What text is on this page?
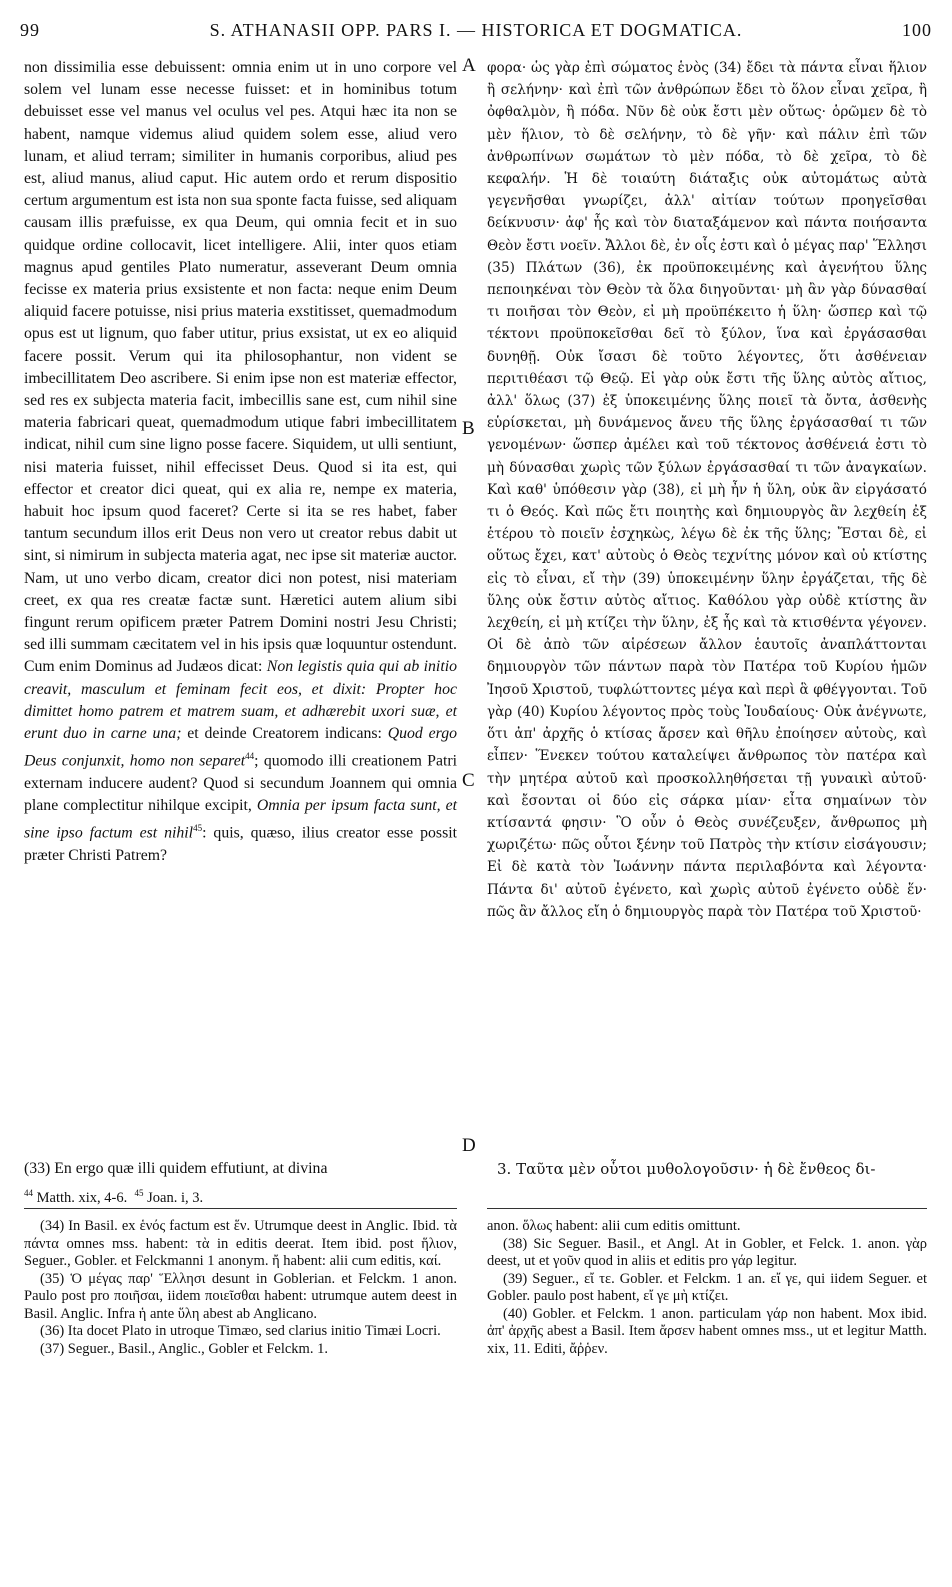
99	S. ATHANASII OPP. PARS I. — HISTORICA ET DOGMATICA.	100

non dissimilia esse debuissent: omnia enim ut in uno corpore vel solem vel lunam esse necesse fuisset: et in hominibus totum debuisset esse vel manus vel oculus vel pes. Atqui hæc ita non se habent, namque videmus aliud quidem solem esse, aliud vero lunam, et aliud terram; similiter in humanis corporibus, aliud pes est, aliud manus, aliud caput. Hic autem ordo et rerum dispositio certum argumentum est ista non sua sponte facta fuisse, sed aliquam causam illis præfuisse, ex qua Deum, qui omnia fecit et in suo quidque ordine collocavit, licet intelligere. Alii, inter quos etiam magnus apud gentiles Plato numeratur, asseverant Deum omnia fecisse ex materia prius exsistente et non facta: neque enim Deum aliquid facere potuisse, nisi prius materia exstitisset, quemadmodum opus est ut lignum, quo faber utitur, prius exsistat, ut ex eo aliquid facere possit. Verum qui ita philosophantur, non vident se imbecillitatem Deo ascribere. Si enim ipse non est materiæ effector, sed res ex subjecta materia facit, imbecillis sane est, cum nihil sine materia fabricari queat, quemadmodum utique fabri imbecillitatem indicat, nihil cum sine ligno posse facere. Siquidem, ut ulli sentiunt, nisi materia fuisset, nihil effecisset Deus. Quod si ita est, qui effector et creator dici queat, qui ex alia re, nempe ex materia, habuit hoc ipsum quod faceret? Certe si ita se res habet, faber tantum secundum illos erit Deus non vero ut creator rebus dabit ut sint, si nimirum in subjecta materia agat, nec ipse sit materiæ auctor. Nam, ut uno verbo dicam, creator dici non potest, nisi materiam creet, ex qua res creatæ factæ sunt. Hæretici autem alium sibi fingunt rerum opificem præter Patrem Domini nostri Jesu Christi; sed illi summam cæcitatem vel in his ipsis quæ loquuntur ostendunt. Cum enim Dominus ad Judæos dicat: Non legistis quia qui ab initio creavit, masculum et feminam fecit eos, et dixit: Propter hoc dimittet homo patrem et matrem suam, et adhærebit uxori suæ, et erunt duo in carne una; et deinde Creatorem indicans: Quod ergo Deus conjunxit, homo non separet$^{44}$; quomodo illi creationem Patri externam inducere audent? Quod si secundum Joannem qui omnia plane complectitur nihilque excipit, Omnia per ipsum facta sunt, et sine ipso factum est nihil$^{45}$: quis, quæso, ilius creator esse possit præter Christi Patrem?

A
B
C
D

φορα· ὡς γὰρ ἐπὶ σώματος ἑνὸς (34) ἔδει τὰ πάντα εἶναι ἥλιον ἢ σελήνην· καὶ ἐπὶ τῶν ἀνθρώπων ἔδει τὸ ὅλον εἶναι χεῖρα, ἢ ὀφθαλμὸν, ἢ πόδα. Νῦν δὲ οὐκ ἔστι μὲν οὕτως· ὁρῶμεν δὲ τὸ μὲν ἥλιον, τὸ δὲ σελήνην, τὸ δὲ γῆν· καὶ πάλιν ἐπὶ τῶν ἀνθρωπίνων σωμάτων τὸ μὲν πόδα, τὸ δὲ χεῖρα, τὸ δὲ κεφαλήν. Ἡ δὲ τοιαύτη διάταξις οὐκ αὐτομάτως αὐτὰ γεγενῆσθαι γνωρίζει, ἀλλ' αἰτίαν τούτων προηγεῖσθαι δείκνυσιν· ἀφ' ἧς καὶ τὸν διαταξάμενον καὶ πάντα ποιήσαντα Θεὸν ἔστι νοεῖν. Ἄλλοι δὲ, ἐν οἷς ἐστι καὶ ὁ μέγας παρ' Ἕλλησι (35) Πλάτων (36), ἐκ προϋποκειμένης καὶ ἀγενήτου ὕλης πεποιηκέναι τὸν Θεὸν τὰ ὅλα διηγοῦνται· μὴ ἂν γὰρ δύνασθαί τι ποιῆσαι τὸν Θεὸν, εἰ μὴ προϋπέκειτο ἡ ὕλη· ὥσπερ καὶ τῷ τέκτονι προϋποκεῖσθαι δεῖ τὸ ξύλον, ἵνα καὶ ἐργάσασθαι δυνηθῇ. Οὐκ ἴσασι δὲ τοῦτο λέγοντες, ὅτι ἀσθένειαν περιτιθέασι τῷ Θεῷ. Εἰ γὰρ οὐκ ἔστι τῆς ὕλης αὐτὸς αἴτιος, ἀλλ' ὅλως (37) ἐξ ὑποκειμένης ὕλης ποιεῖ τὰ ὄντα, ἀσθενὴς εὑρίσκεται, μὴ δυνάμενος ἄνευ τῆς ὕλης ἐργάσασθαί τι τῶν γενομένων· ὥσπερ ἀμέλει καὶ τοῦ τέκτονος ἀσθένειά ἐστι τὸ μὴ δύνασθαι χωρὶς τῶν ξύλων ἐργάσασθαί τι τῶν ἀναγκαίων. Καὶ καθ' ὑπόθεσιν γὰρ (38), εἰ μὴ ἦν ἡ ὕλη, οὐκ ἂν εἰργάσατό τι ὁ Θεός. Καὶ πῶς ἔτι ποιητὴς καὶ δημιουργὸς ἂν λεχθείη ἐξ ἑτέρου τὸ ποιεῖν ἐσχηκὼς, λέγω δὲ ἐκ τῆς ὕλης; Ἔσται δὲ, εἰ οὕτως ἔχει, κατ' αὐτοὺς ὁ Θεὸς τεχνίτης μόνον καὶ οὐ κτίστης εἰς τὸ εἶναι, εἴ τὴν (39) ὑποκειμένην ὕλην ἐργάζεται, τῆς δὲ ὕλης οὐκ ἔστιν αὐτὸς αἴτιος. Καθόλου γὰρ οὐδὲ κτίστης ἂν λεχθείη, εἰ μὴ κτίζει τὴν ὕλην, ἐξ ἧς καὶ τὰ κτισθέντα γέγονεν. Οἱ δὲ ἀπὸ τῶν αἱρέσεων ἄλλον ἑαυτοῖς ἀναπλάττονται δημιουργὸν τῶν πάντων παρὰ τὸν Πατέρα τοῦ Κυρίου ἡμῶν Ἰησοῦ Χριστοῦ, τυφλώττοντες μέγα καὶ περὶ ἃ φθέγγονται. Τοῦ γὰρ (40) Κυρίου λέγοντος πρὸς τοὺς Ἰουδαίους· Οὐκ ἀνέγνωτε, ὅτι ἀπ' ἀρχῆς ὁ κτίσας ἄρσεν καὶ θῆλυ ἐποίησεν αὐτοὺς, καὶ εἶπεν· Ἕνεκεν τούτου καταλείψει ἄνθρωπος τὸν πατέρα καὶ τὴν μητέρα αὐτοῦ καὶ προσκολληθήσεται τῇ γυναικὶ αὐτοῦ· καὶ ἔσονται οἱ δύο εἰς σάρκα μίαν· εἶτα σημαίνων τὸν κτίσαντά φησιν· Ὃ οὖν ὁ Θεὸς συνέζευξεν, ἄνθρωπος μὴ χωριζέτω· πῶς οὗτοι ξένην τοῦ Πατρὸς τὴν κτίσιν εἰσάγουσιν; Εἰ δὲ κατὰ τὸν Ἰωάννην πάντα περιλαβόντα καὶ λέγοντα· Πάντα δι' αὐτοῦ ἐγένετο, καὶ χωρὶς αὐτοῦ ἐγένετο οὐδὲ ἕν· πῶς ἂν ἄλλος εἴη ὁ δημιουργὸς παρὰ τὸν Πατέρα τοῦ Χριστοῦ·

(33) En ergo quæ illi quidem effutiunt, at divina	3. Ταῦτα μὲν οὗτοι μυθολογοῦσιν· ἡ δὲ ἔνθεος δι-

$^{44}$ Matth. xix, 4-6. $^{45}$ Joan. i, 3.

(34) In Basil. ex ἑνός factum est ἕν. Utrumque deest in Anglic. Ibid. τὰ πάντα omnes mss. habent: τὰ in editis deerat. Item ibid. post ἥλιον, Seguer., Gobler. et Felckmanni 1 anonym. ἤ habent: alii cum editis, καί.

(35) Ὁ μέγας παρ' Ἕλλησι desunt in Goblerian. et Felckm. 1 anon. Paulo post pro ποιῆσαι, iidem ποιεῖσθαι habent: utrumque autem deest in Basil. Anglic. Infra ἡ ante ὕλη abest ab Anglicano.

(36) Ita docet Plato in utroque Timæo, sed clarius initio Timæi Locri.

(37) Seguer., Basil., Anglic., Gobler et Felckm. 1.

anon. ὅλως habent: alii cum editis omittunt.

(38) Sic Seguer. Basil., et Angl. At in Gobler, et Felck. 1. anon. γὰρ deest, ut et γοῦν quod in aliis et editis pro γάρ legitur.

(39) Seguer., εἴ τε. Gobler. et Felckm. 1 an. εἴ γε, qui iidem Seguer. et Gobler. paulo post habent, εἴ γε μὴ κτίζει.

(40) Gobler. et Felckm. 1 anon. particulam γάρ non habent. Mox ibid. ἀπ' ἀρχῆς abest a Basil. Item ἄρσεν habent omnes mss., ut et legitur Matth. xix, 11. Editi, ἄῤῥεν.
